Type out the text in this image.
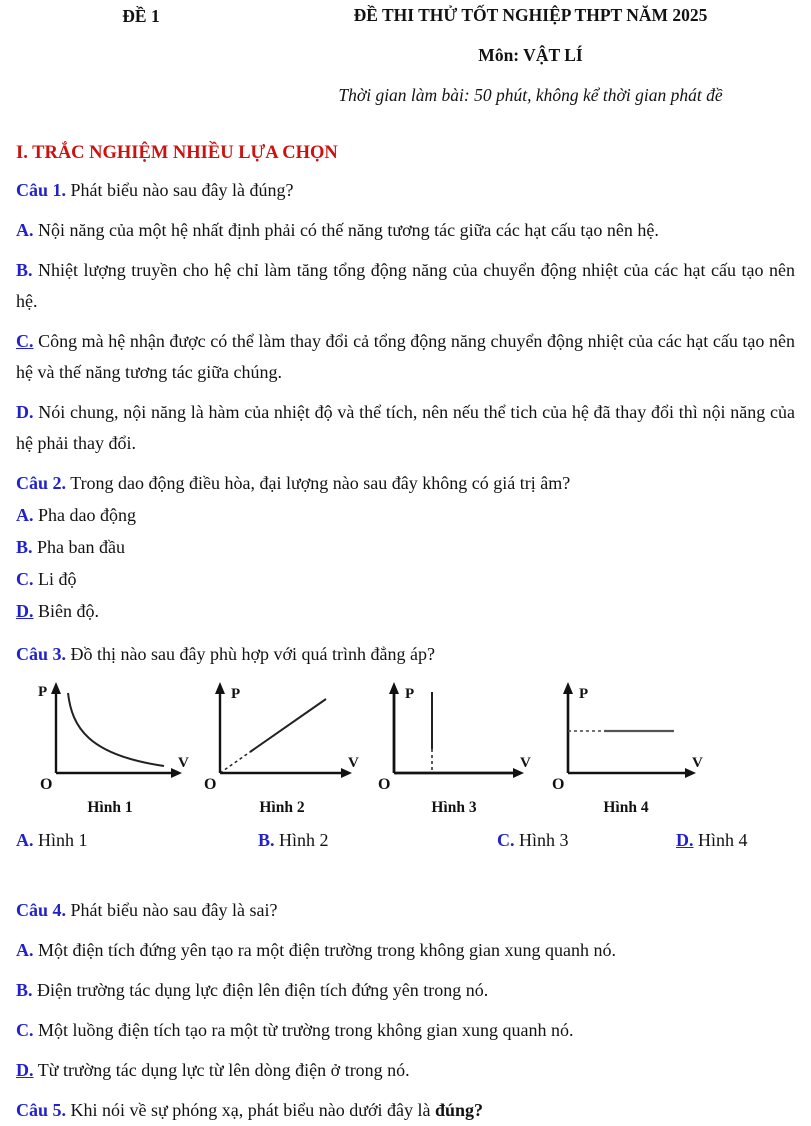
ĐỀ 1	ĐỀ THI THỬ TỐT NGHIỆP THPT NĂM 2025
Môn: VẬT LÍ
Thời gian làm bài: 50 phút, không kể thời gian phát đề
I. TRẮC NGHIỆM NHIỀU LỰA CHỌN

Câu 1. Phát biểu nào sau đây là đúng?

A. Nội năng của một hệ nhất định phải có thế năng tương tác giữa các hạt cấu tạo nên hệ.

B. Nhiệt lượng truyền cho hệ chỉ làm tăng tổng động năng của chuyển động nhiệt của các hạt cấu tạo nên hệ.

C. Công mà hệ nhận được có thể làm thay đổi cả tổng động năng chuyển động nhiệt của các hạt cấu tạo nên hệ và thế năng tương tác giữa chúng.

D. Nói chung, nội năng là hàm của nhiệt độ và thể tích, nên nếu thể tich của hệ đã thay đổi thì nội năng của hệ phải thay đổi.

Câu 2. Trong dao động điều hòa, đại lượng nào sau đây không có giá trị âm?

A. Pha dao động

B. Pha ban đầu

C. Li độ

D. Biên độ.

Câu 3. Đồ thị nào sau đây phù hợp với quá trình đẳng áp?

P
V
O
Hình 1
P
V
O
Hình 2
P
V
O
Hình 3
P
V
O
Hình 4
A. Hình 1	B. Hình 2	C. Hình 3	D. Hình 4

Câu 4. Phát biểu nào sau đây là sai?

A. Một điện tích đứng yên tạo ra một điện trường trong không gian xung quanh nó.

B. Điện trường tác dụng lực điện lên điện tích đứng yên trong nó.

C. Một luồng điện tích tạo ra một từ trường trong không gian xung quanh nó.

D. Từ trường tác dụng lực từ lên dòng điện ở trong nó.

Câu 5. Khi nói về sự phóng xạ, phát biểu nào dưới đây là đúng?
